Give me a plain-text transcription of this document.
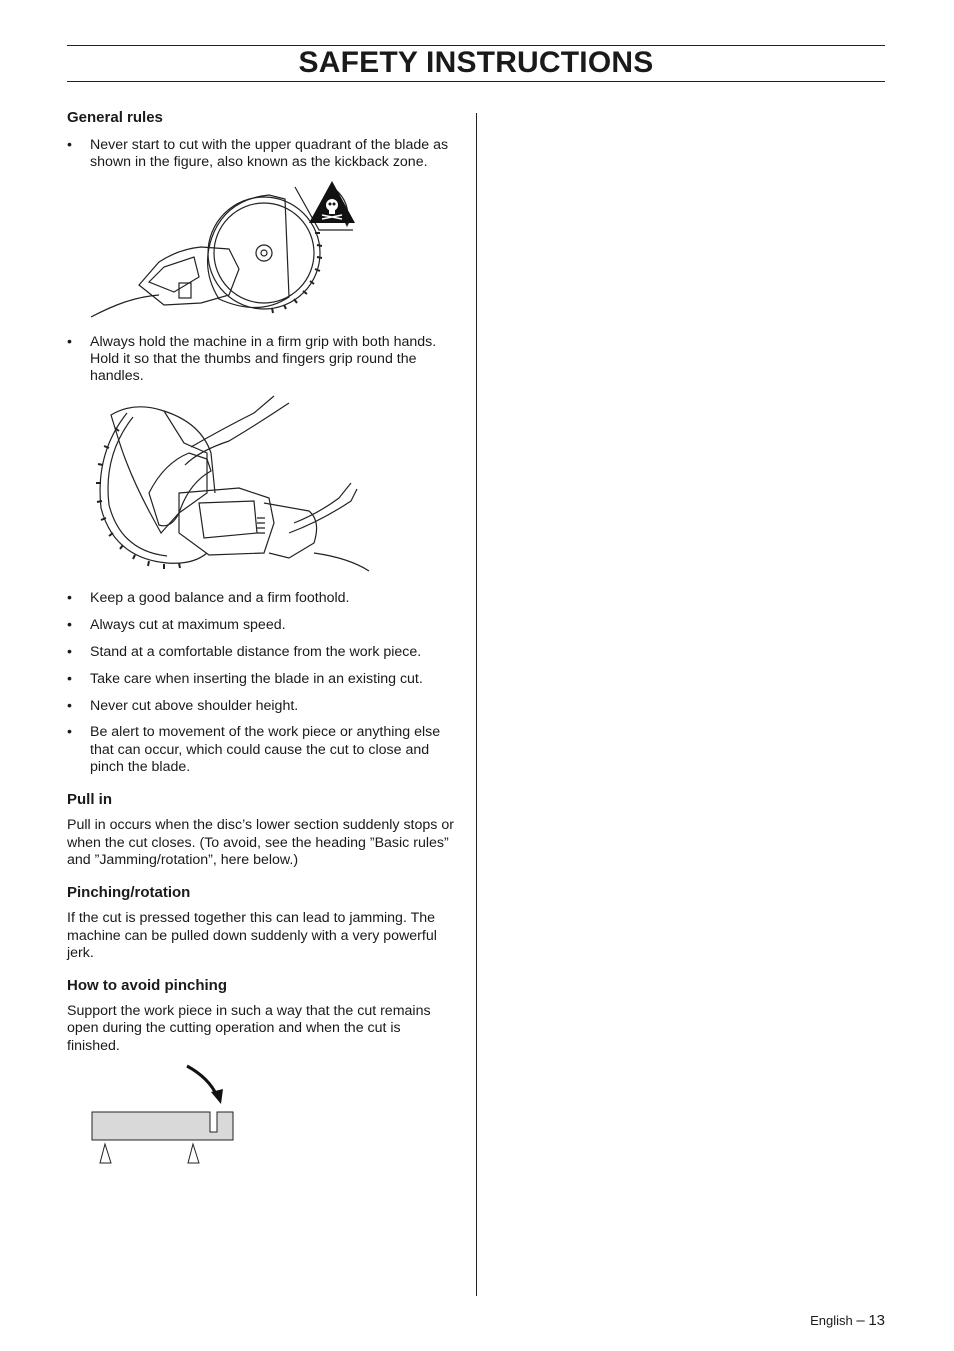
SAFETY INSTRUCTIONS
General rules
• Never start to cut with the upper quadrant of the blade as shown in the figure, also known as the kickback zone.
• Always hold the machine in a firm grip with both hands. Hold it so that the thumbs and fingers grip round the handles.
• Keep a good balance and a firm foothold.
• Always cut at maximum speed.
• Stand at a comfortable distance from the work piece.
• Take care when inserting the blade in an existing cut.
• Never cut above shoulder height.
• Be alert to movement of the work piece or anything else that can occur, which could cause the cut to close and pinch the blade.
Pull in

Pull in occurs when the disc’s lower section suddenly stops or when the cut closes. (To avoid, see the heading ”Basic rules” and ”Jamming/rotation”, here below.)

Pinching/rotation

If the cut is pressed together this can lead to jamming. The machine can be pulled down suddenly with a very powerful jerk.

How to avoid pinching

Support the work piece in such a way that the cut remains open during the cutting operation and when the cut is finished.

English – 13
